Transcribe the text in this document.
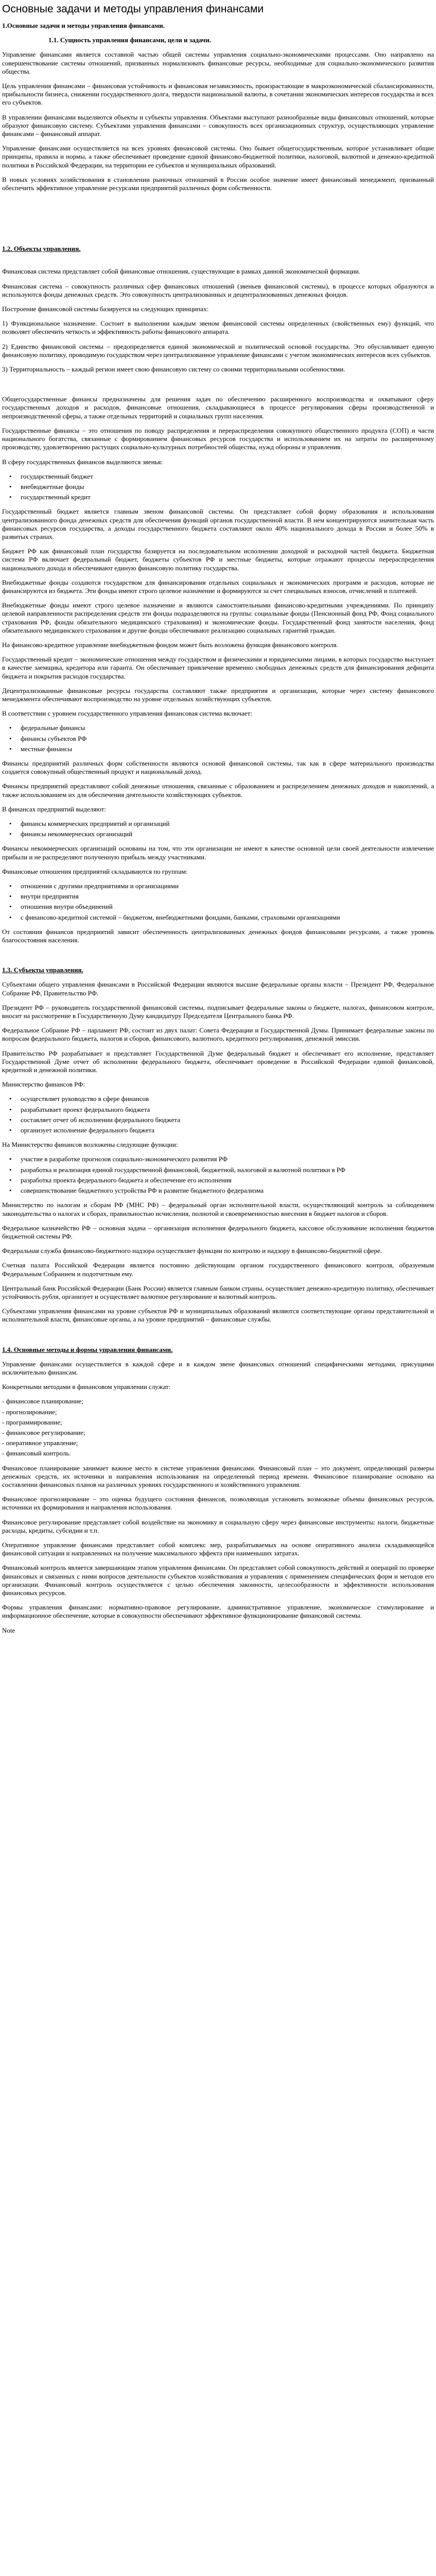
Основные задачи и методы управления финансами
1.Основные задачи и методы управления финансами.
1.1. Сущность управления финансами, цели и задачи.

Управление финансами является составной частью общей системы управления социально-экономическими процессами. Оно направлено на совершенствование системы отношений, призванных нормализовать финансовые ресурсы, необходимые для социально-экономического развития общества.

Цель управления финансами – финансовая устойчивость и финансовая независимость, произрастающие в макроэкономической сбалансированности, прибыльности бизнеса, снижении государственного долга, твердости национальной валюты, в сочетании экономических интересов государства и всех его субъектов.

В управлении финансами выделяются объекты и субъекты управления. Объектами выступают разнообразные виды финансовых отношений, которые образуют финансовую систему. Субъектами управления финансами – совокупность всех организационных структур, осуществляющих управление финансами – финансовый аппарат.

Управление финансами осуществляется на всех уровнях финансовой системы. Оно бывает общегосударственным, которое устанавливает общие принципы, правила и нормы, а также обеспечивает проведение единой финансово-бюджетной политики, налоговой, валютной и денежно-кредитной политики в Российской Федерации, на территории ее субъектов и муниципальных образований.

В новых условиях хозяйствования в становлении рыночных отношений в России особое значение имеет финансовый менеджмент, призванный обеспечить эффективное управление ресурсами предприятий различных форм собственности.

1.2. Объекты управления.

Финансовая система представляет собой финансовые отношения, существующие в рамках данной экономической формации.

Финансовая система – совокупность различных сфер финансовых отношений (звеньев финансовой системы), в процессе которых образуются и используются фонды денежных средств. Это совокупность централизованных и децентрализованных денежных фондов.

Построение финансовой системы базируется на следующих принципах:

1) Функциональное назначение. Состоит в выполнении каждым звеном финансовой системы определенных (свойственных ему) функций, что позволяет обеспечить четкость и эффективность работы финансового аппарата.

2) Единство финансовой системы – предопределяется единой экономической и политической основой государства. Это обуславливает единую финансовую политику, проводимую государством через централизованное управление финансами с учетом экономических интересов всех субъектов.

3) Территориальность – каждый регион имеет свою финансовую систему со своими территориальными особенностями.

Общегосударственные финансы предназначены для решения задач по обеспечению расширенного воспроизводства и охватывают сферу государственных доходов и расходов, финансовые отношения, складывающиеся в процессе регулирования сферы производственной и непроизводственной сферы, а также отдельных территорий и социальных групп населения.

Государственные финансы – это отношения по поводу распределения и перераспределения совокупного общественного продукта (СОП) и части национального богатства, связанные с формированием финансовых ресурсов государства и использованием их на затраты по расширенному производству, удовлетворению растущих социально-культурных потребностей общества, нужд обороны и управления.

В сферу государственных финансов выделяются звенья:

• государственный бюджет
• внебюджетные фонды
• государственный кредит

Государственный бюджет является главным звеном финансовой системы. Он представляет собой форму образования и использования централизованного фонда денежных средств для обеспечения функций органов государственной власти. В нем концентрируются значительная часть финансовых ресурсов государства, а доходы государственного бюджета составляют около 40% национального дохода в России и более 50% в развитых странах.

Бюджет РФ как финансовый план государства базируется на последовательном исполнении доходной и расходной частей бюджета. Бюджетная система РФ включает федеральный бюджет, бюджеты субъектов РФ и местные бюджеты, которые отражают процессы перераспределения национального дохода и обеспечивают единую финансовую политику государства.

Внебюджетные фонды создаются государством для финансирования отдельных социальных и экономических программ и расходов, которые не финансируются из бюджета. Эти фонды имеют строго целевое назначение и формируются за счет специальных взносов, отчислений и платежей.

Внебюджетные фонды имеют строго целевое назначение и являются самостоятельными финансово-кредитными учреждениями. По принципу целевой направленности распределения средств эти фонды подразделяются на группы: социальные фонды (Пенсионный фонд РФ, Фонд социального страхования РФ, фонды обязательного медицинского страхования) и экономические фонды. Государственный фонд занятости населения, фонд обязательного медицинского страхования и другие фонды обеспечивают реализацию социальных гарантий граждан.

На финансово-кредитное управление внебюджетным фондом может быть возложена функция финансового контроля.

Государственный кредит – экономические отношения между государством и физическими и юридическими лицами, в которых государство выступает в качестве заемщика, кредитора или гаранта. Он обеспечивает привлечение временно свободных денежных средств для финансирования дефицита бюджета и покрытия расходов государства.

Децентрализованные финансовые ресурсы государства составляют также предприятия и организации, которые через систему финансового менеджмента обеспечивают воспроизводство на уровне отдельных хозяйствующих субъектов.

В соответствии с уровнем государственного управления финансовая система включает:

• федеральные финансы
• финансы субъектов РФ
• местные финансы

Финансы предприятий различных форм собственности являются основой финансовой системы, так как в сфере материального производства создается совокупный общественный продукт и национальный доход.

Финансы предприятий представляют собой денежные отношения, связанные с образованием и распределением денежных доходов и накоплений, а также использованием их для обеспечения деятельности хозяйствующих субъектов.

В финансах предприятий выделяют:

• финансы коммерческих предприятий и организаций
• финансы некоммерческих организаций

Финансы некоммерческих организаций основаны на том, что эти организации не имеют в качестве основной цели своей деятельности извлечение прибыли и не распределяют полученную прибыль между участниками.

Финансовые отношения предприятий складываются по группам:

• отношения с другими предприятиями и организациями
• внутри предприятия
• отношения внутри объединений
• с финансово-кредитной системой – бюджетом, внебюджетными фондами, банками, страховыми организациями

От состояния финансов предприятий зависит обеспеченность централизованных денежных фондов финансовыми ресурсами, а также уровень благосостояния населения.

1.3. Субъекты управления.

Субъектами общего управления финансами в Российской Федерации являются высшие федеральные органы власти – Президент РФ, Федеральное Собрание РФ, Правительство РФ.

Президент РФ – руководитель государственной финансовой системы, подписывает федеральные законы о бюджете, налогах, финансовом контроле, вносит на рассмотрение в Государственную Думу кандидатуру Председателя Центрального банка РФ.

Федеральное Собрание РФ – парламент РФ, состоит из двух палат: Совета Федерации и Государственной Думы. Принимает федеральные законы по вопросам федерального бюджета, налогов и сборов, финансового, валютного, кредитного регулирования, денежной эмиссии.

Правительство РФ разрабатывает и представляет Государственной Думе федеральный бюджет и обеспечивает его исполнение, представляет Государственной Думе отчет об исполнении федерального бюджета, обеспечивает проведение в Российской Федерации единой финансовой, кредитной и денежной политики.

Министерство финансов РФ:

• осуществляет руководство в сфере финансов
• разрабатывает проект федерального бюджета
• составляет отчет об исполнении федерального бюджета
• организует исполнение федерального бюджета

На Министерство финансов возложены следующие функции:

• участие в разработке прогнозов социально-экономического развития РФ
• разработка и реализация единой государственной финансовой, бюджетной, налоговой и валютной политики в РФ
• разработка проекта федерального бюджета и обеспечение его исполнения
• совершенствование бюджетного устройства РФ и развитие бюджетного федерализма

Министерство по налогам и сборам РФ (МНС РФ) – федеральный орган исполнительной власти, осуществляющий контроль за соблюдением законодательства о налогах и сборах, правильностью исчисления, полнотой и своевременностью внесения в бюджет налогов и сборов.

Федеральное казначейство РФ – основная задача – организация исполнения федерального бюджета, кассовое обслуживание исполнения бюджетов бюджетной системы РФ.

Федеральная служба финансово-бюджетного надзора осуществляет функции по контролю и надзору в финансово-бюджетной сфере.

Счетная палата Российской Федерации является постоянно действующим органом государственного финансового контроля, образуемым Федеральным Собранием и подотчетным ему.

Центральный банк Российской Федерации (Банк России) является главным банком страны, осуществляет денежно-кредитную политику, обеспечивает устойчивость рубля, организует и осуществляет валютное регулирование и валютный контроль.

Субъектами управления финансами на уровне субъектов РФ и муниципальных образований являются соответствующие органы представительной и исполнительной власти, финансовые органы, а на уровне предприятий – финансовые службы.

1.4. Основные методы и формы управления финансами.

Управление финансами осуществляется в каждой сфере и в каждом звене финансовых отношений специфическими методами, присущими исключительно финансам.

Конкретными методами в финансовом управлении служат:

- финансовое планирование;
- прогнозирование;
- программирование;
- финансовое регулирование;
- оперативное управление;
- финансовый контроль.

Финансовое планирование занимает важное место в системе управления финансами. Финансовый план – это документ, определяющий размеры денежных средств, их источники и направления использования на определенный период времени. Финансовое планирование основано на составлении финансовых планов на различных уровнях государственного и хозяйственного управления.

Финансовое прогнозирование – это оценка будущего состояния финансов, позволяющая установить возможные объемы финансовых ресурсов, источники их формирования и направления использования.

Финансовое регулирование представляет собой воздействие на экономику и социальную сферу через финансовые инструменты: налоги, бюджетные расходы, кредиты, субсидии и т.п.

Оперативное управление финансами представляет собой комплекс мер, разрабатываемых на основе оперативного анализа складывающейся финансовой ситуации и направленных на получение максимального эффекта при наименьших затратах.

Финансовый контроль является завершающим этапом управления финансами. Он представляет собой совокупность действий и операций по проверке финансовых и связанных с ними вопросов деятельности субъектов хозяйствования и управления с применением специфических форм и методов его организации. Финансовый контроль осуществляется с целью обеспечения законности, целесообразности и эффективности использования финансовых ресурсов.

Формы управления финансами: нормативно-правовое регулирование, административное управление, экономическое стимулирование и информационное обеспечение, которые в совокупности обеспечивают эффективное функционирование финансовой системы.

Note
